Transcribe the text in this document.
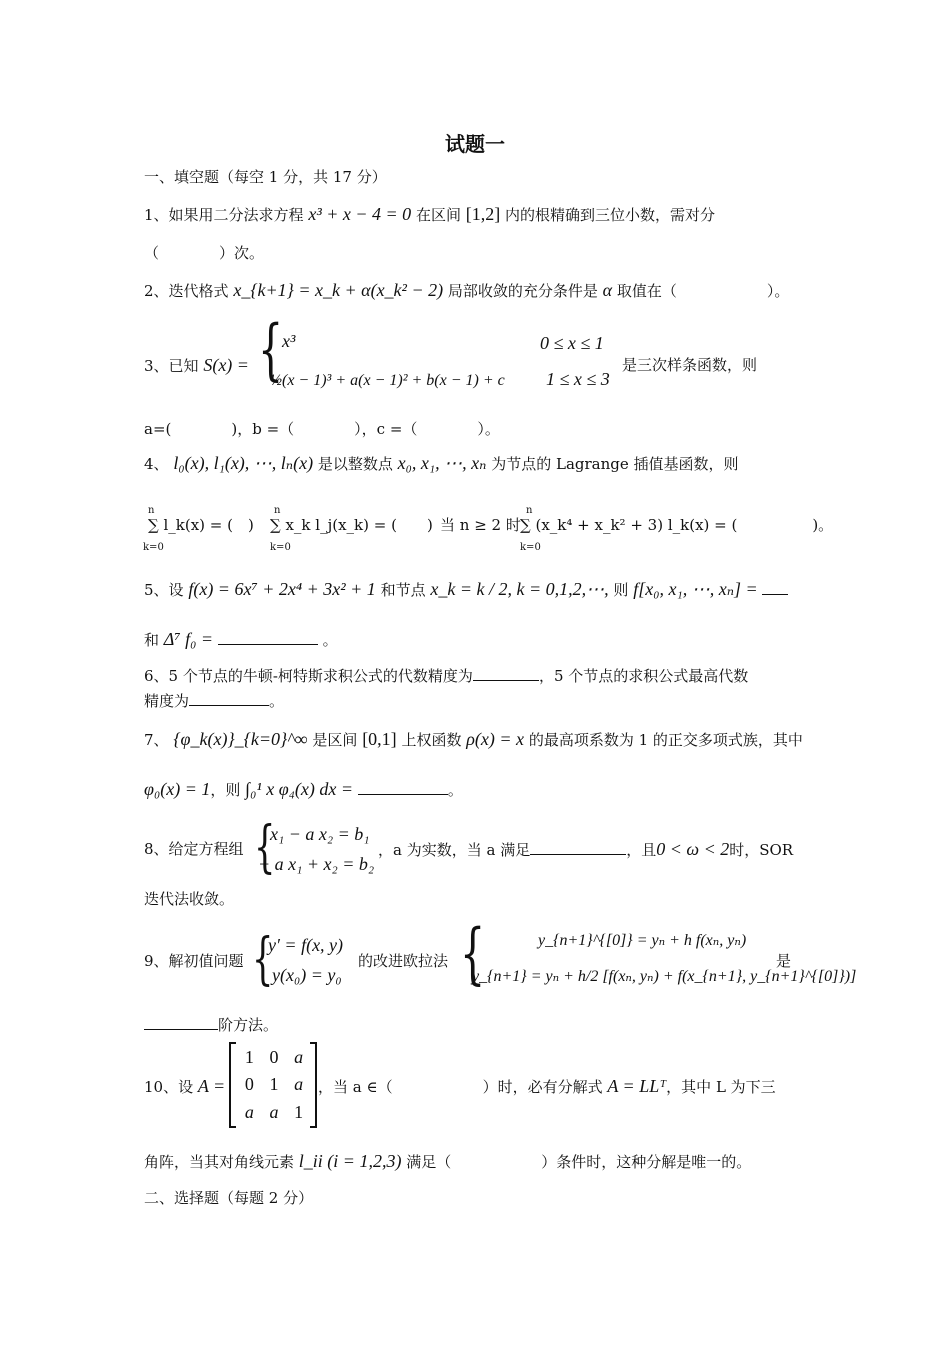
试题一
一、填空题（每空 1 分，共 17 分）
1、如果用二分法求方程 x³ + x − 4 = 0 在区间 [1,2] 内的根精确到三位小数，需对分
（　　　　）次。
2、迭代格式 x_{k+1} = x_k + α(x_k² − 2) 局部收敛的充分条件是 α 取值在（　　　　　　）。
3、已知 S(x) = {
x³	0 ≤ x ≤ 1
½(x − 1)³ + a(x − 1)² + b(x − 1) + c	1 ≤ x ≤ 3
是三次样条函数，则
a=(　　　　)，b =（　　　　），c =（　　　　）。
4、 l₀(x), l₁(x), ⋯, lₙ(x) 是以整数点 x₀, x₁, ⋯, xₙ 为节点的 Lagrange 插值基函数，则
n
k=0
∑ l_k(x) = (　)
n
k=0
∑ x_k l_j(x_k) = (　　) 当 n ≥ 2 时
n
k=0
∑ (x_k⁴ + x_k² + 3) l_k(x) = (　　　　　)。
5、设 f(x) = 6x⁷ + 2x⁴ + 3x² + 1 和节点 x_k = k / 2, k = 0,1,2,⋯, 则 f[x₀, x₁, ⋯, xₙ] =
和 Δ⁷ f₀ =	。
6、5 个节点的牛顿-柯特斯求积公式的代数精度为	，5 个节点的求积公式最高代数
精度为	。
7、 {φ_k(x)}_{k=0}^∞ 是区间 [0,1] 上权函数 ρ(x) = x 的最高项系数为 1 的正交多项式族，其中
φ₀(x) = 1，则 ∫₀¹ x φ₄(x) dx =	。
8、给定方程组 {
x₁ − a x₂ = b₁
− a x₁ + x₂ = b₂
，a 为实数，当 a 满足	，且0 < ω < 2时，SOR
迭代法收敛。
9、解初值问题 {
y′ = f(x, y)
y(x₀) = y₀
的改进欧拉法 {	y_{n+1}^{[0]} = yₙ + h f(xₙ, yₙ)
y_{n+1} = yₙ + h/2 [f(xₙ, yₙ) + f(x_{n+1}, y_{n+1}^{[0]})]
是
阶方法。
10、设 A =
1 0 a
0 1 a
a a 1
，当 a ∈（　　　　　　）时，必有分解式 A = LLᵀ，其中 L 为下三
角阵，当其对角线元素 l_ii (i = 1,2,3) 满足（　　　　　　）条件时，这种分解是唯一的。
二、选择题（每题 2 分）
